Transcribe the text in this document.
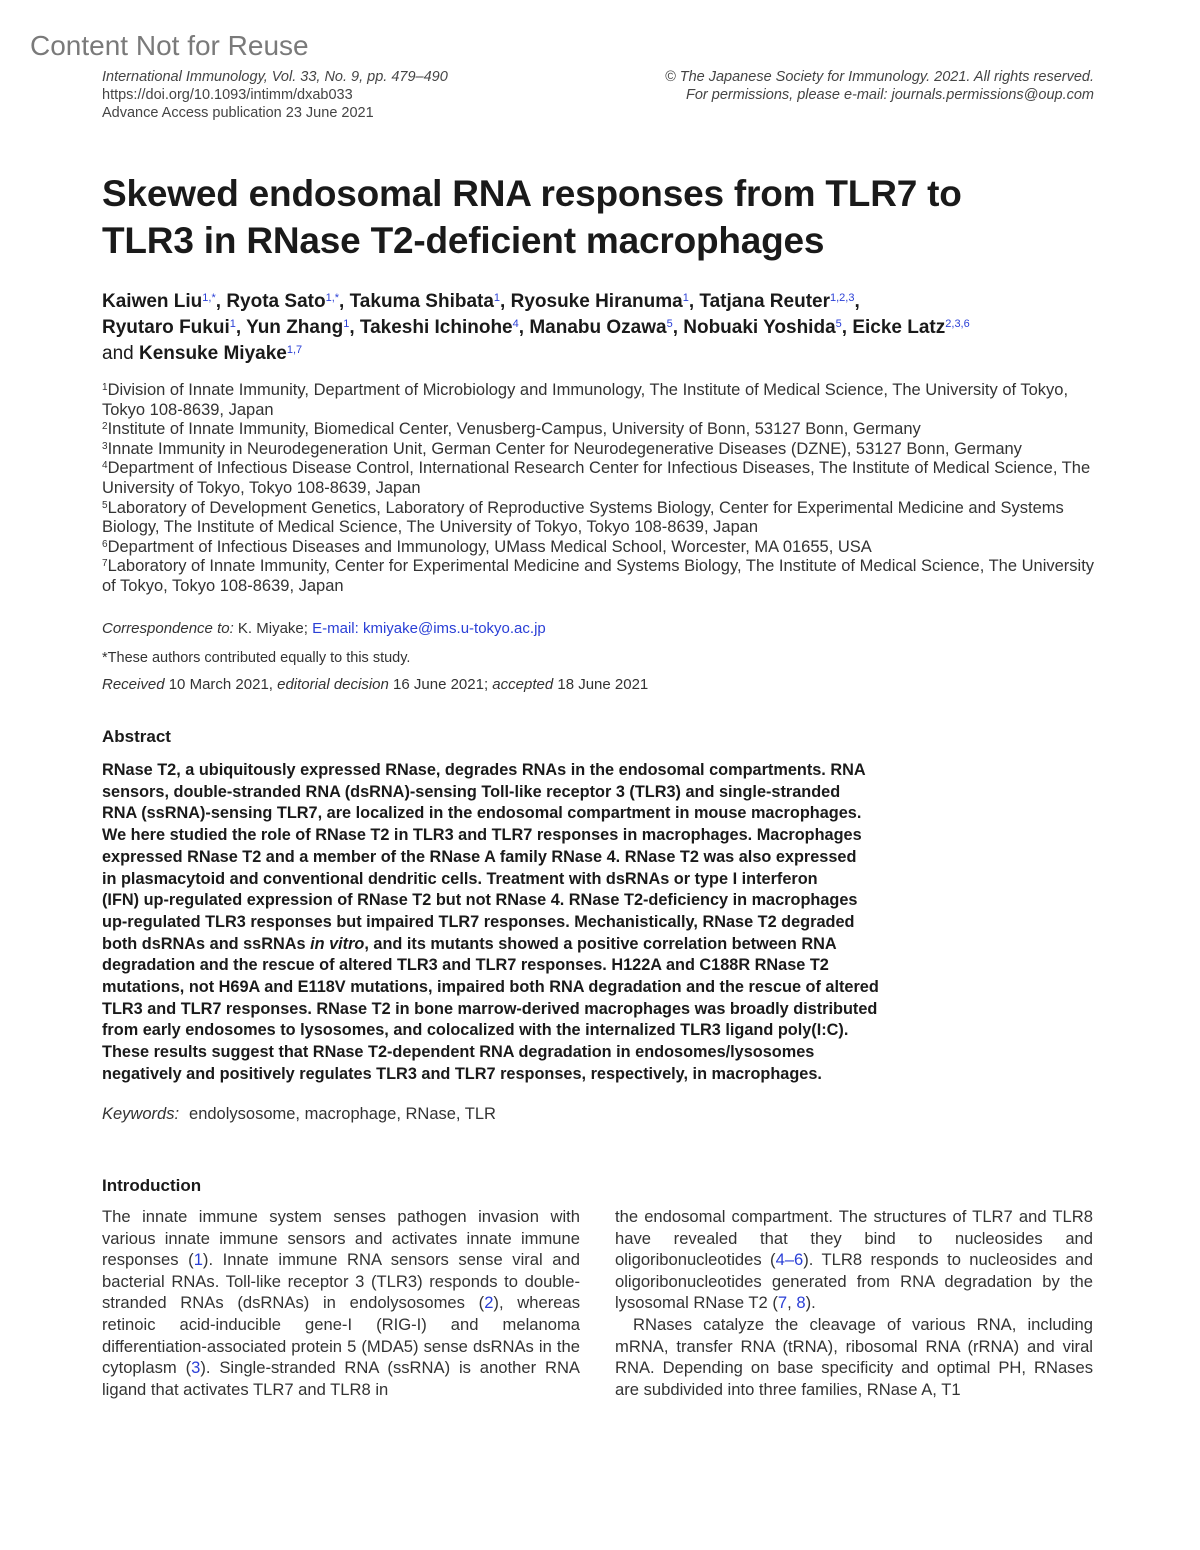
Content Not for Reuse
International Immunology, Vol. 33, No. 9, pp. 479–490
https://doi.org/10.1093/intimm/dxab033
Advance Access publication 23 June 2021
© The Japanese Society for Immunology. 2021. All rights reserved.
For permissions, please e-mail: journals.permissions@oup.com
Skewed endosomal RNA responses from TLR7 to
TLR3 in RNase T2-deficient macrophages
Kaiwen Liu$^{1,*}$, Ryota Sato$^{1,*}$, Takuma Shibata$^1$, Ryosuke Hiranuma$^1$, Tatjana Reuter$^{1,2,3}$,
Ryutaro Fukui$^1$, Yun Zhang$^1$, Takeshi Ichinohe$^4$, Manabu Ozawa$^5$, Nobuaki Yoshida$^5$, Eicke Latz$^{2,3,6}$
and Kensuke Miyake$^{1,7}$
$^1$Division of Innate Immunity, Department of Microbiology and Immunology, The Institute of Medical Science, The University of Tokyo, Tokyo 108-8639, Japan
$^2$Institute of Innate Immunity, Biomedical Center, Venusberg-Campus, University of Bonn, 53127 Bonn, Germany
$^3$Innate Immunity in Neurodegeneration Unit, German Center for Neurodegenerative Diseases (DZNE), 53127 Bonn, Germany
$^4$Department of Infectious Disease Control, International Research Center for Infectious Diseases, The Institute of Medical Science, The University of Tokyo, Tokyo 108-8639, Japan
$^5$Laboratory of Development Genetics, Laboratory of Reproductive Systems Biology, Center for Experimental Medicine and Systems Biology, The Institute of Medical Science, The University of Tokyo, Tokyo 108-8639, Japan
$^6$Department of Infectious Diseases and Immunology, UMass Medical School, Worcester, MA 01655, USA
$^7$Laboratory of Innate Immunity, Center for Experimental Medicine and Systems Biology, The Institute of Medical Science, The University of Tokyo, Tokyo 108-8639, Japan
Correspondence to: K. Miyake; E-mail: kmiyake@ims.u-tokyo.ac.jp
*These authors contributed equally to this study.
Received 10 March 2021, editorial decision 16 June 2021; accepted 18 June 2021
Abstract
RNase T2, a ubiquitously expressed RNase, degrades RNAs in the endosomal compartments. RNA
sensors, double-stranded RNA (dsRNA)-sensing Toll-like receptor 3 (TLR3) and single-stranded
RNA (ssRNA)-sensing TLR7, are localized in the endosomal compartment in mouse macrophages.
We here studied the role of RNase T2 in TLR3 and TLR7 responses in macrophages. Macrophages
expressed RNase T2 and a member of the RNase A family RNase 4. RNase T2 was also expressed
in plasmacytoid and conventional dendritic cells. Treatment with dsRNAs or type I interferon
(IFN) up-regulated expression of RNase T2 but not RNase 4. RNase T2-deficiency in macrophages
up-regulated TLR3 responses but impaired TLR7 responses. Mechanistically, RNase T2 degraded
both dsRNAs and ssRNAs in vitro, and its mutants showed a positive correlation between RNA
degradation and the rescue of altered TLR3 and TLR7 responses. H122A and C188R RNase T2
mutations, not H69A and E118V mutations, impaired both RNA degradation and the rescue of altered
TLR3 and TLR7 responses. RNase T2 in bone marrow-derived macrophages was broadly distributed
from early endosomes to lysosomes, and colocalized with the internalized TLR3 ligand poly(I:C).
These results suggest that RNase T2-dependent RNA degradation in endosomes/lysosomes
negatively and positively regulates TLR3 and TLR7 responses, respectively, in macrophages.
Keywords: endolysosome, macrophage, RNase, TLR
Introduction

The innate immune system senses pathogen invasion with various innate immune sensors and activates innate immune responses (1). Innate immune RNA sensors sense viral and bacterial RNAs. Toll-like receptor 3 (TLR3) responds to double-stranded RNAs (dsRNAs) in endolysosomes (2), whereas retinoic acid-inducible gene-I (RIG-I) and melanoma differentiation-associated protein 5 (MDA5) sense dsRNAs in the cytoplasm (3). Single-stranded RNA (ssRNA) is another RNA ligand that activates TLR7 and TLR8 in

the endosomal compartment. The structures of TLR7 and TLR8 have revealed that they bind to nucleosides and oligoribonucleotides (4–6). TLR8 responds to nucleosides and oligoribonucleotides generated from RNA degradation by the lysosomal RNase T2 (7, 8).

RNases catalyze the cleavage of various RNA, including mRNA, transfer RNA (tRNA), ribosomal RNA (rRNA) and viral RNA. Depending on base specificity and optimal PH, RNases are subdivided into three families, RNase A, T1
